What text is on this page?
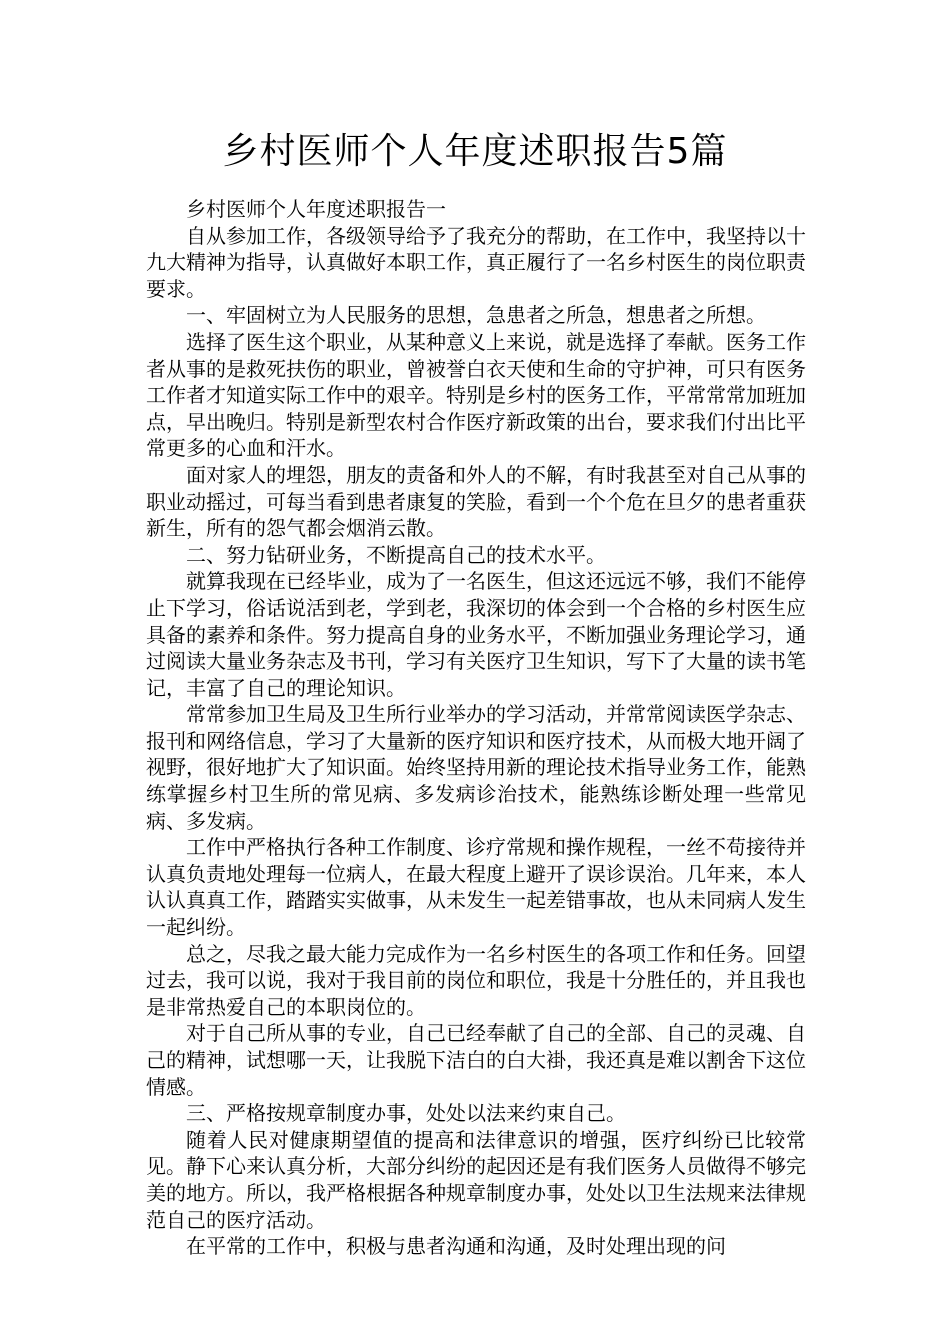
乡村医师个人年度述职报告5篇

乡村医师个人年度述职报告一

自从参加工作，各级领导给予了我充分的帮助，在工作中，我坚持以十九大精神为指导，认真做好本职工作，真正履行了一名乡村医生的岗位职责要求。

一、牢固树立为人民服务的思想，急患者之所急，想患者之所想。

选择了医生这个职业，从某种意义上来说，就是选择了奉献。医务工作者从事的是救死扶伤的职业，曾被誉白衣天使和生命的守护神，可只有医务工作者才知道实际工作中的艰辛。特别是乡村的医务工作，平常常常加班加点，早出晚归。特别是新型农村合作医疗新政策的出台，要求我们付出比平常更多的心血和汗水。

面对家人的埋怨，朋友的责备和外人的不解，有时我甚至对自己从事的职业动摇过，可每当看到患者康复的笑脸，看到一个个危在旦夕的患者重获新生，所有的怨气都会烟消云散。

二、努力钻研业务，不断提高自己的技术水平。

就算我现在已经毕业，成为了一名医生，但这还远远不够，我们不能停止下学习，俗话说活到老，学到老，我深切的体会到一个合格的乡村医生应具备的素养和条件。努力提高自身的业务水平，不断加强业务理论学习，通过阅读大量业务杂志及书刊，学习有关医疗卫生知识，写下了大量的读书笔记，丰富了自己的理论知识。

常常参加卫生局及卫生所行业举办的学习活动，并常常阅读医学杂志、报刊和网络信息，学习了大量新的医疗知识和医疗技术，从而极大地开阔了视野，很好地扩大了知识面。始终坚持用新的理论技术指导业务工作，能熟练掌握乡村卫生所的常见病、多发病诊治技术，能熟练诊断处理一些常见病、多发病。

工作中严格执行各种工作制度、诊疗常规和操作规程，一丝不苟接待并认真负责地处理每一位病人，在最大程度上避开了误诊误治。几年来，本人认认真真工作，踏踏实实做事，从未发生一起差错事故，也从未同病人发生一起纠纷。

总之，尽我之最大能力完成作为一名乡村医生的各项工作和任务。回望过去，我可以说，我对于我目前的岗位和职位，我是十分胜任的，并且我也是非常热爱自己的本职岗位的。

对于自己所从事的专业，自己已经奉献了自己的全部、自己的灵魂、自己的精神，试想哪一天，让我脱下洁白的白大褂，我还真是难以割舍下这位情感。

三、严格按规章制度办事，处处以法来约束自己。

随着人民对健康期望值的提高和法律意识的增强，医疗纠纷已比较常见。静下心来认真分析，大部分纠纷的起因还是有我们医务人员做得不够完美的地方。所以，我严格根据各种规章制度办事，处处以卫生法规来法律规范自己的医疗活动。

在平常的工作中，积极与患者沟通和沟通，及时处理出现的问
